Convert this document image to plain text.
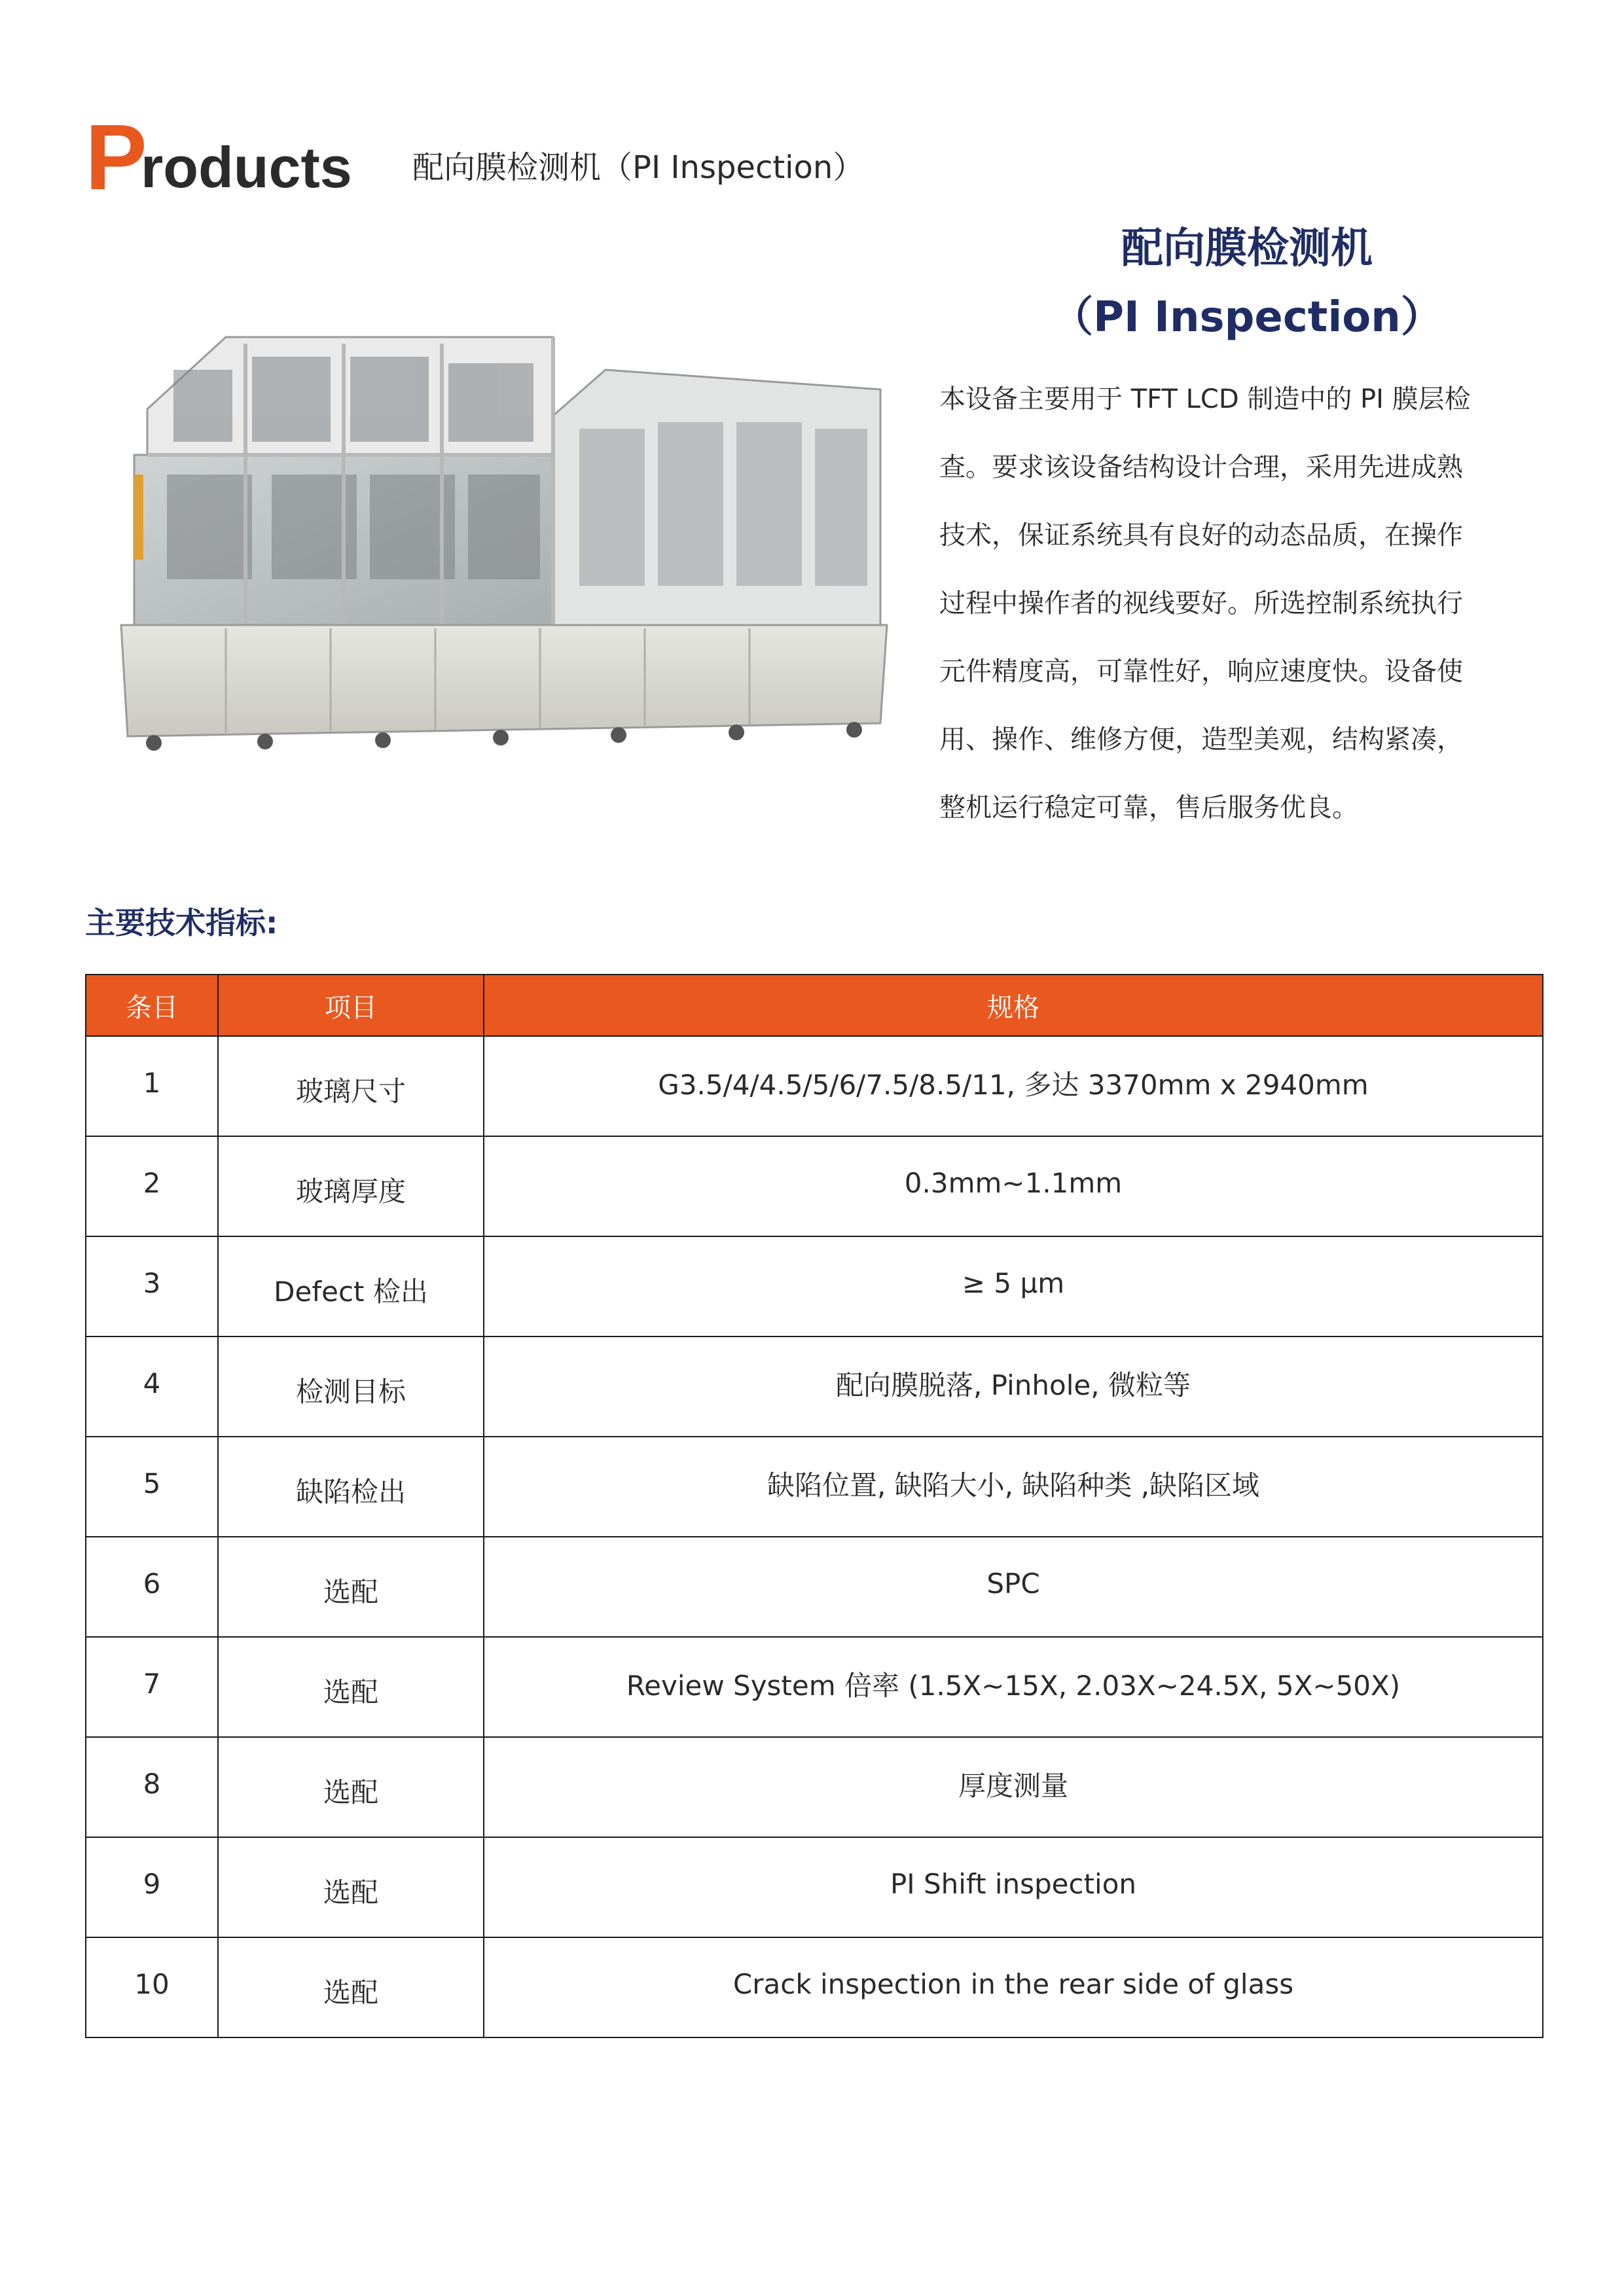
P
roducts 配向膜检测机（PI Inspection）
配向膜检测机
（PI Inspection）
本设备主要用于 TFT LCD 制造中的 PI 膜层检
查。要求该设备结构设计合理，采用先进成熟
技术，保证系统具有良好的动态品质，在操作
过程中操作者的视线要好。所选控制系统执行
元件精度高，可靠性好，响应速度快。设备使
用、操作、维修方便，造型美观，结构紧凑，
整机运行稳定可靠，售后服务优良。
主要技术指标:
条目	项目	规格
1	玻璃尺寸	G3.5/4/4.5/5/6/7.5/8.5/11, 多达 3370mm x 2940mm
2	玻璃厚度	0.3mm~1.1mm
3	Defect 检出	≥ 5 μm
4	检测目标	配向膜脱落, Pinhole, 微粒等
5	缺陷检出	缺陷位置, 缺陷大小, 缺陷种类 ,缺陷区域
6	选配	SPC
7	选配	Review System 倍率 (1.5X~15X, 2.03X~24.5X, 5X~50X)
8	选配	厚度测量
9	选配	PI Shift inspection
10	选配	Crack inspection in the rear side of glass
